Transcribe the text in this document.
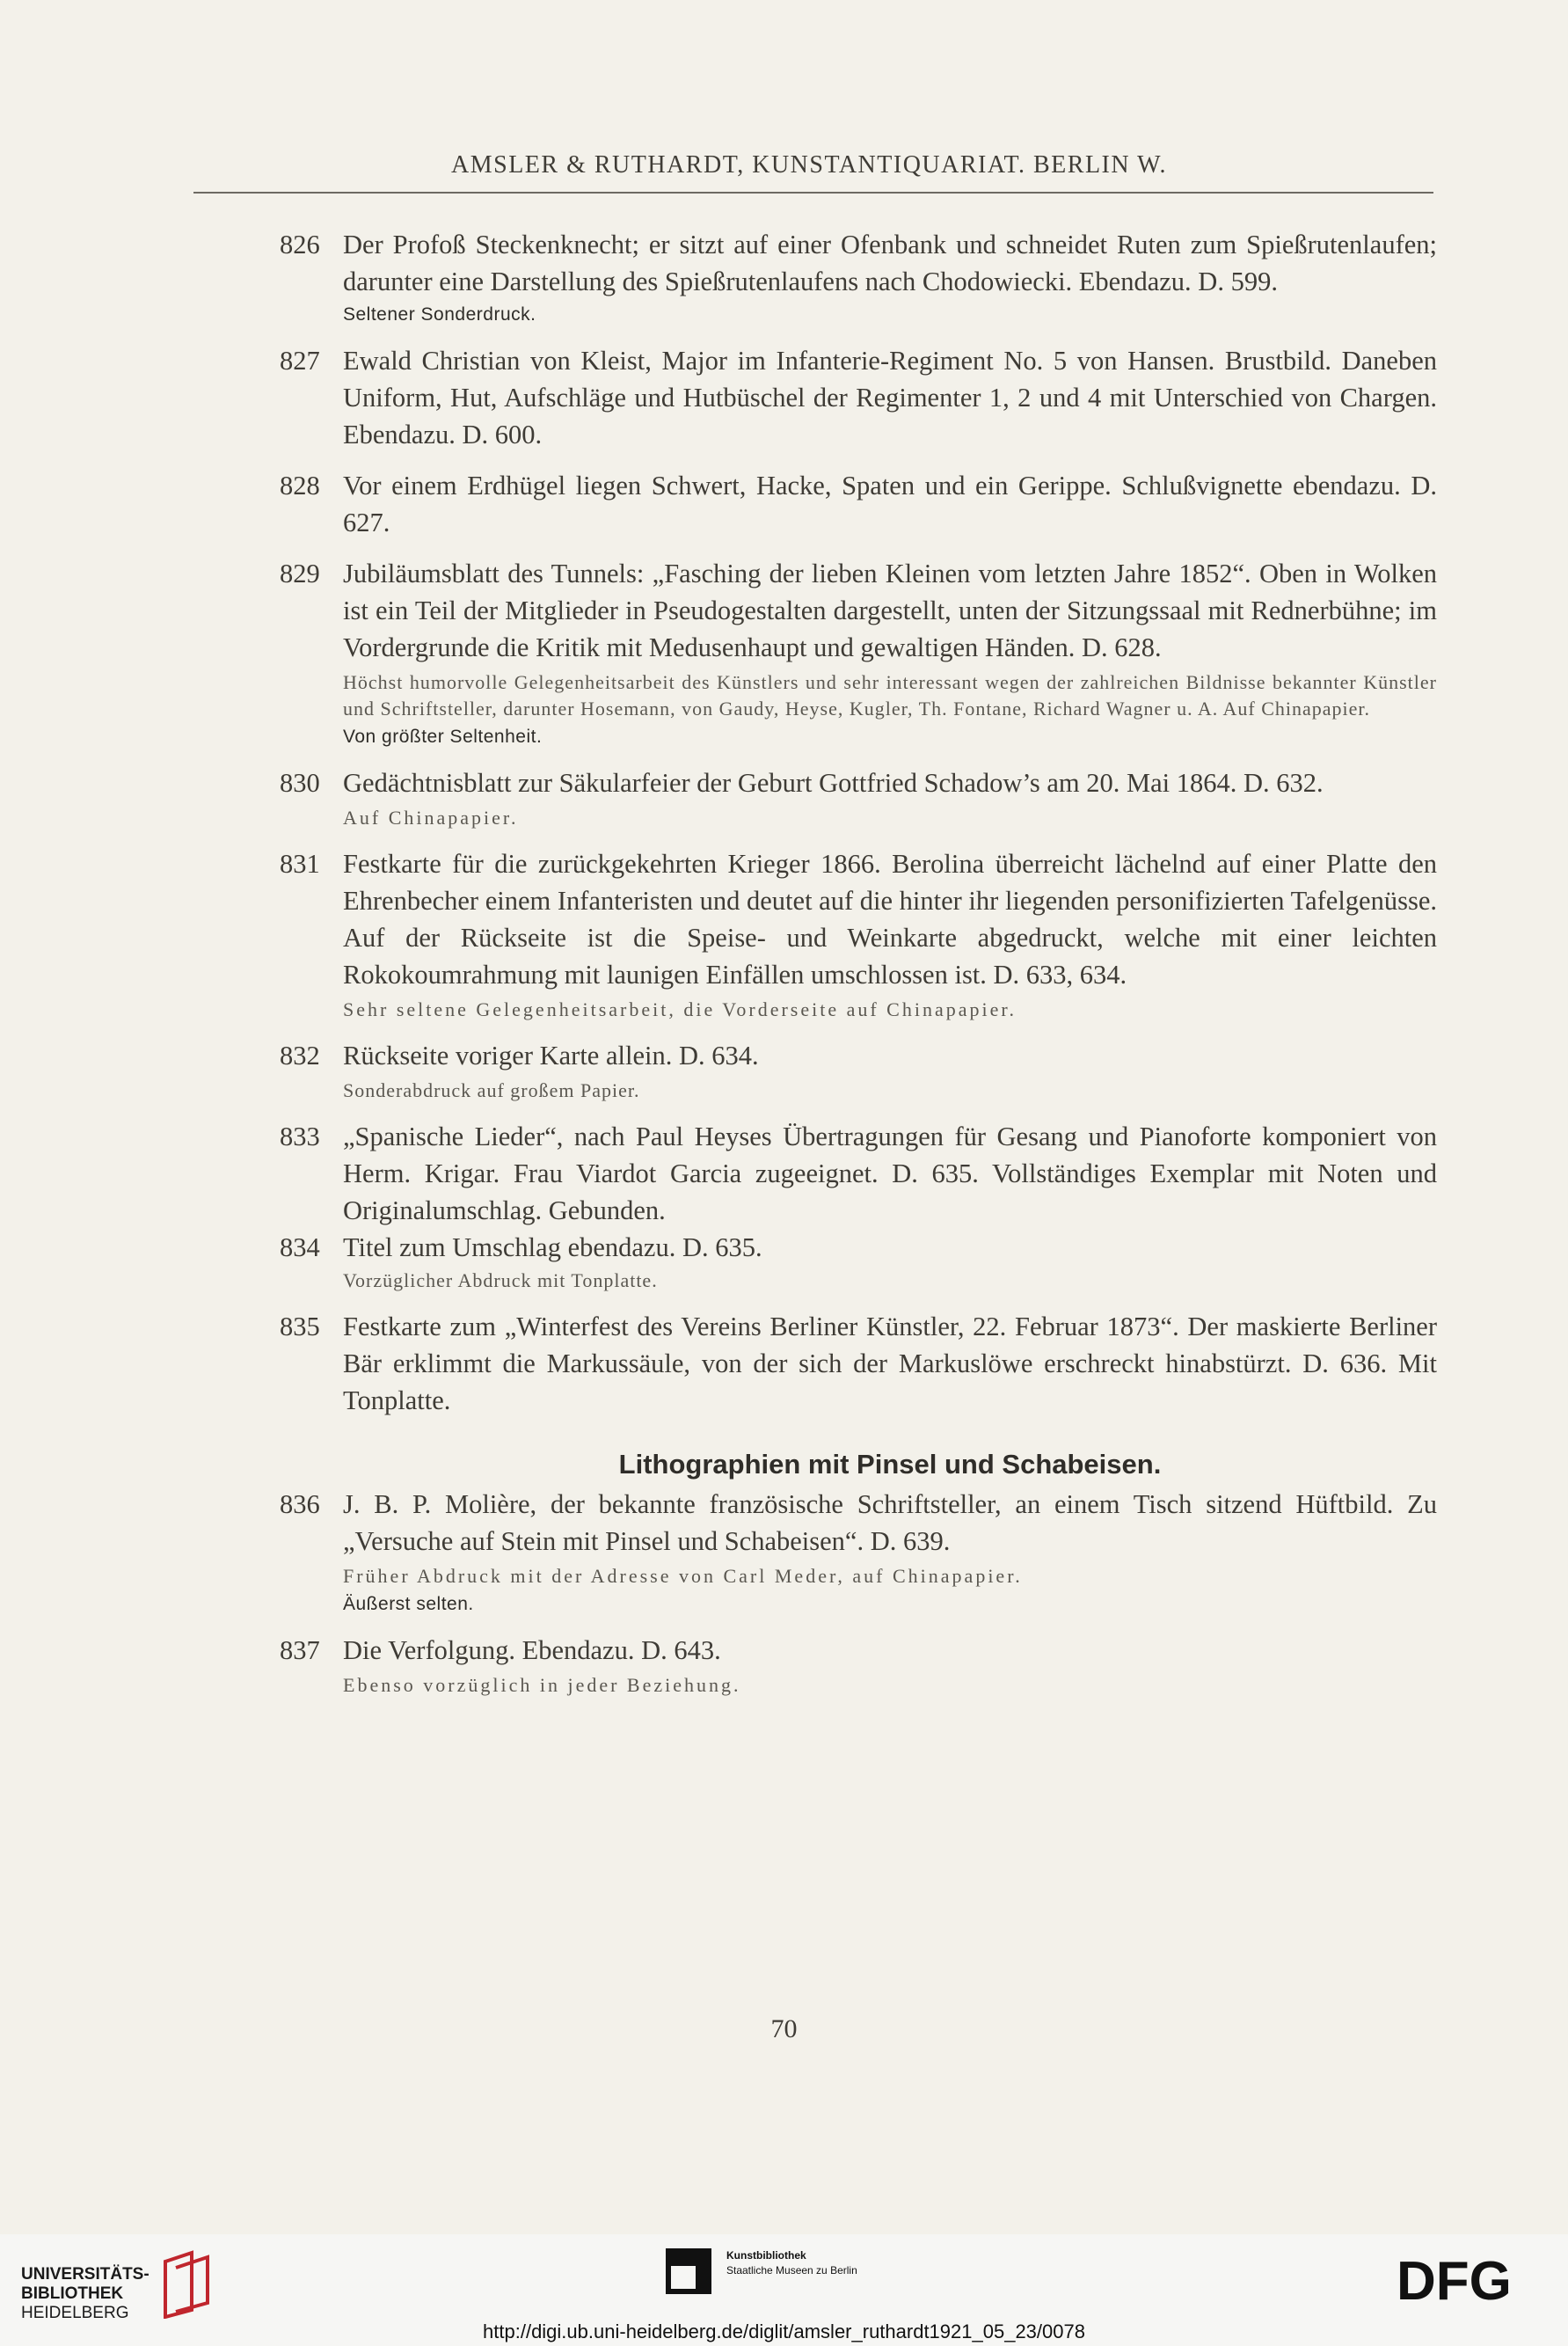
AMSLER & RUTHARDT, KUNSTANTIQUARIAT. BERLIN W.
826 Der Profoß Steckenknecht; er sitzt auf einer Ofenbank und schneidet Ruten zum Spießrutenlaufen; darunter eine Darstellung des Spießrutenlaufens nach Chodowiecki. Ebendazu. D. 599.
Seltener Sonderdruck.
827 Ewald Christian von Kleist, Major im Infanterie-Regiment No. 5 von Hansen. Brustbild. Daneben Uniform, Hut, Aufschläge und Hutbüschel der Regimenter 1, 2 und 4 mit Unterschied von Chargen. Ebendazu. D. 600.
828 Vor einem Erdhügel liegen Schwert, Hacke, Spaten und ein Gerippe. Schlußvignette ebendazu. D. 627.
829 Jubiläumsblatt des Tunnels: „Fasching der lieben Kleinen vom letzten Jahre 1852“. Oben in Wolken ist ein Teil der Mitglieder in Pseudogestalten dargestellt, unten der Sitzungssaal mit Rednerbühne; im Vordergrunde die Kritik mit Medusenhaupt und gewaltigen Händen. D. 628.
Höchst humorvolle Gelegenheitsarbeit des Künstlers und sehr interessant wegen der zahlreichen Bildnisse bekannter Künstler und Schriftsteller, darunter Hosemann, von Gaudy, Heyse, Kugler, Th. Fontane, Richard Wagner u. A. Auf Chinapapier.
Von größter Seltenheit.
830 Gedächtnisblatt zur Säkularfeier der Geburt Gottfried Schadow’s am 20. Mai 1864. D. 632.
Auf Chinapapier.
831 Festkarte für die zurückgekehrten Krieger 1866. Berolina überreicht lächelnd auf einer Platte den Ehrenbecher einem Infanteristen und deutet auf die hinter ihr liegenden personifizierten Tafelgenüsse. Auf der Rückseite ist die Speise- und Weinkarte abgedruckt, welche mit einer leichten Rokokoumrahmung mit launigen Einfällen umschlossen ist. D. 633, 634.
Sehr seltene Gelegenheitsarbeit, die Vorderseite auf Chinapapier.
832 Rückseite voriger Karte allein. D. 634.
Sonderabdruck auf großem Papier.
833 „Spanische Lieder“, nach Paul Heyses Übertragungen für Gesang und Pianoforte komponiert von Herm. Krigar. Frau Viardot Garcia zugeeignet. D. 635. Vollständiges Exemplar mit Noten und Originalumschlag. Gebunden.
834 Titel zum Umschlag ebendazu. D. 635.
Vorzüglicher Abdruck mit Tonplatte.
835 Festkarte zum „Winterfest des Vereins Berliner Künstler, 22. Februar 1873“. Der maskierte Berliner Bär erklimmt die Markussäule, von der sich der Markuslöwe erschreckt hinabstürzt. D. 636. Mit Tonplatte.
Lithographien mit Pinsel und Schabeisen.
836 J. B. P. Molière, der bekannte französische Schriftsteller, an einem Tisch sitzend Hüftbild. Zu „Versuche auf Stein mit Pinsel und Schabeisen“. D. 639.
Früher Abdruck mit der Adresse von Carl Meder, auf Chinapapier.
Äußerst selten.
837 Die Verfolgung. Ebendazu. D. 643.
Ebenso vorzüglich in jeder Beziehung.
70
UNIVERSITÄTS-
BIBLIOTHEK
HEIDELBERG
Kunstbibliothek
Staatliche Museen zu Berlin	DFG
http://digi.ub.uni-heidelberg.de/diglit/amsler_ruthardt1921_05_23/0078
